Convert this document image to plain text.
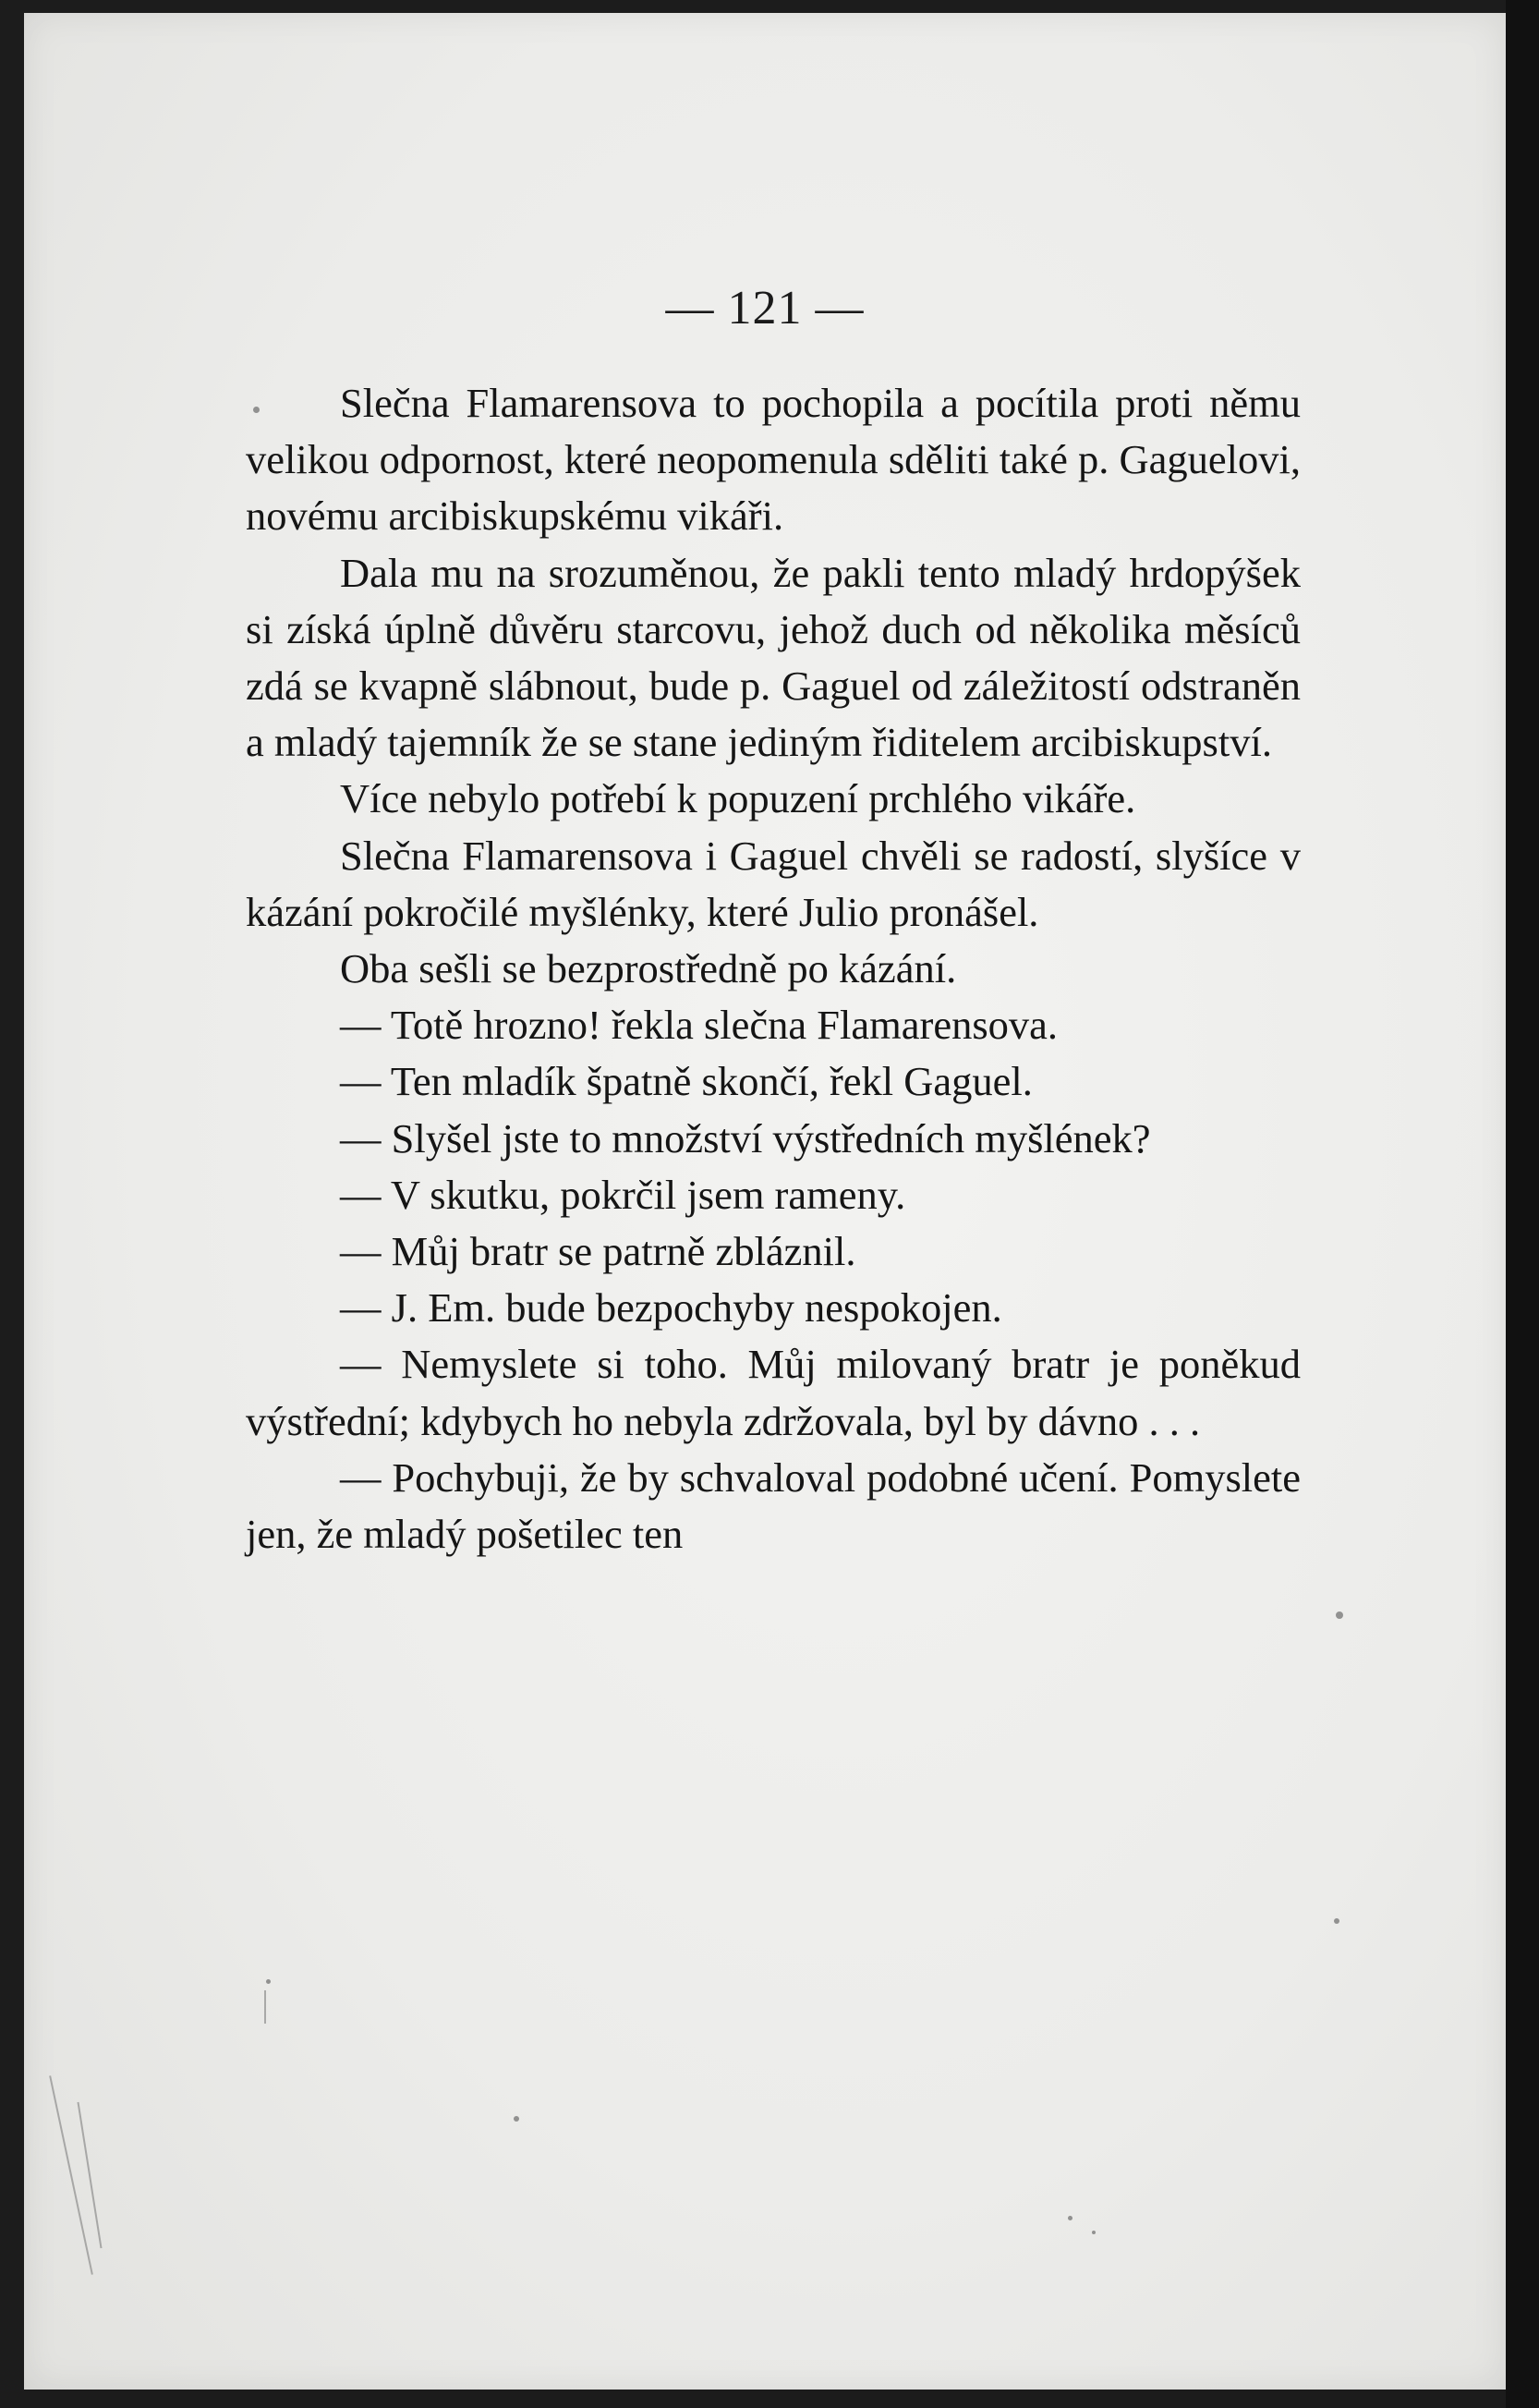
— 121 —

Slečna Flamarensova to pochopila a pocítila proti němu velikou odpornost, které neopomenula sděliti také p. Gaguelovi, novému arcibiskupskému vikáři.

Dala mu na srozuměnou, že pakli tento mladý hrdopýšek si získá úplně důvěru starcovu, jehož duch od několika měsíců zdá se kvapně slábnout, bude p. Gaguel od záležitostí odstraněn a mladý tajemník že se stane jediným řiditelem arcibiskupství.

Více nebylo potřebí k popuzení prchlého vikáře.

Slečna Flamarensova i Gaguel chvěli se radostí, slyšíce v kázání pokročilé myšlénky, které Julio pronášel.

Oba sešli se bezprostředně po kázání.

— Totě hrozno! řekla slečna Flamarensova.

— Ten mladík špatně skončí, řekl Gaguel.

— Slyšel jste to množství výstředních myšlének?

— V skutku, pokrčil jsem rameny.

— Můj bratr se patrně zbláznil.

— J. Em. bude bezpochyby nespokojen.

— Nemyslete si toho. Můj milovaný bratr je poněkud výstřední; kdybych ho nebyla zdržovala, byl by dávno . . .

— Pochybuji, že by schvaloval podobné učení. Pomyslete jen, že mladý pošetilec ten
